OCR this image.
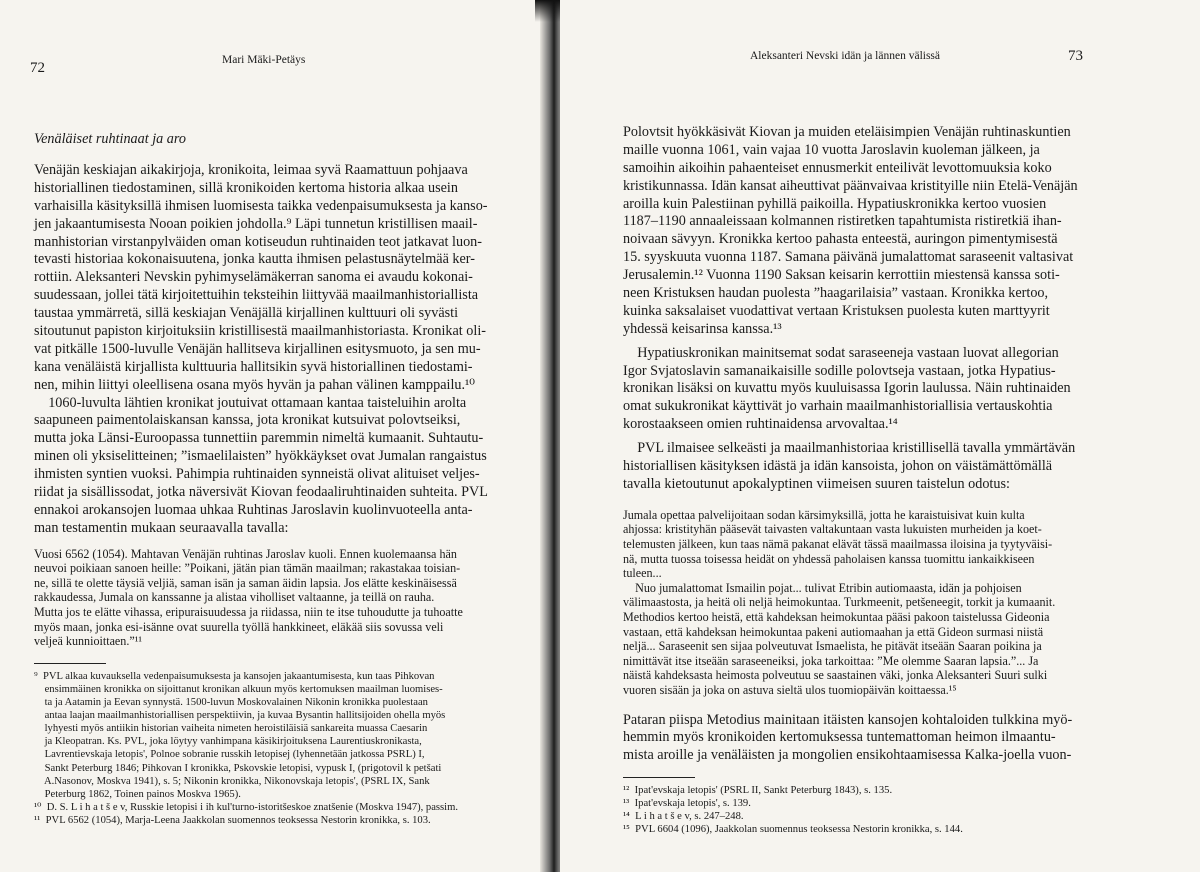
72	Mari Mäki-Petäys
Venäläiset ruhtinaat ja aro
Venäjän keskiajan aikakirjoja, kronikoita, leimaa syvä Raamattuun pohjaava
historiallinen tiedostaminen, sillä kronikoiden kertoma historia alkaa usein
varhaisilla käsityksillä ihmisen luomisesta taikka vedenpaisumuksesta ja kanso-
jen jakaantumisesta Nooan poikien johdolla.⁹ Läpi tunnetun kristillisen maail-
manhistorian virstanpylväiden oman kotiseudun ruhtinaiden teot jatkavat luon-
tevasti historiaa kokonaisuutena, jonka kautta ihmisen pelastusnäytelmää ker-
rottiin. Aleksanteri Nevskin pyhimyselämäkerran sanoma ei avaudu kokonai-
suudessaan, jollei tätä kirjoitettuihin teksteihin liittyvää maailmanhistoriallista
taustaa ymmärretä, sillä keskiajan Venäjällä kirjallinen kulttuuri oli syvästi
sitoutunut papiston kirjoituksiin kristillisestä maailmanhistoriasta. Kronikat oli-
vat pitkälle 1500-luvulle Venäjän hallitseva kirjallinen esitysmuoto, ja sen mu-
kana venäläistä kirjallista kulttuuria hallitsikin syvä historiallinen tiedostami-
nen, mihin liittyi oleellisena osana myös hyvän ja pahan välinen kamppailu.¹⁰
1060-luvulta lähtien kronikat joutuivat ottamaan kantaa taisteluihin arolta
saapuneen paimentolaiskansan kanssa, jota kronikat kutsuivat polovtseiksi,
mutta joka Länsi-Euroopassa tunnettiin paremmin nimeltä kumaanit. Suhtautu-
minen oli yksiselitteinen; ”ismaelilaisten” hyökkäykset ovat Jumalan rangaistus
ihmisten syntien vuoksi. Pahimpia ruhtinaiden synneistä olivat alituiset veljes-
riidat ja sisällissodat, jotka näversivät Kiovan feodaaliruhtinaiden suhteita. PVL
ennakoi arokansojen luomaa uhkaa Ruhtinas Jaroslavin kuolinvuoteella anta-
man testamentin mukaan seuraavalla tavalla:
Vuosi 6562 (1054). Mahtavan Venäjän ruhtinas Jaroslav kuoli. Ennen kuolemaansa hän
neuvoi poikiaan sanoen heille: ”Poikani, jätän pian tämän maailman; rakastakaa toisian-
ne, sillä te olette täysiä veljiä, saman isän ja saman äidin lapsia. Jos elätte keskinäisessä
rakkaudessa, Jumala on kanssanne ja alistaa viholliset valtaanne, ja teillä on rauha.
Mutta jos te elätte vihassa, eripuraisuudessa ja riidassa, niin te itse tuhoudutte ja tuhoatte
myös maan, jonka esi-isänne ovat suurella työllä hankkineet, eläkää siis sovussa veli
veljeä kunnioittaen.”¹¹
⁹  PVL alkaa kuvauksella vedenpaisumuksesta ja kansojen jakaantumisesta, kun taas Pihkovan
ensimmäinen kronikka on sijoittanut kronikan alkuun myös kertomuksen maailman luomises-
ta ja Aatamin ja Eevan synnystä. 1500-luvun Moskovalainen Nikonin kronikka puolestaan
antaa laajan maailmanhistoriallisen perspektiivin, ja kuvaa Bysantin hallitsijoiden ohella myös
lyhyesti myös antiikin historian vaiheita nimeten heroistiläisiä sankareita muassa Caesarin
ja Kleopatran. Ks. PVL, joka löytyy vanhimpana käsikirjoituksena Laurentiuskronikasta,
Lavrentievskaja letopis', Polnoe sobranie russkih letopisej (lyhennetään jatkossa PSRL) I,
Sankt Peterburg 1846; Pihkovan I kronikka, Pskovskie letopisi, vypusk I, (prigotovil k petšati
A.Nasonov, Moskva 1941), s. 5; Nikonin kronikka, Nikonovskaja letopis', (PSRL IX, Sank
Peterburg 1862, Toinen painos Moskva 1965).
¹⁰  D. S. L i h a t š e v, Russkie letopisi i ih kul'turno-istoritšeskoe znatšenie (Moskva 1947), passim.
¹¹  PVL 6562 (1054), Marja-Leena Jaakkolan suomennos teoksessa Nestorin kronikka, s. 103.
Aleksanteri Nevski idän ja lännen välissä	73
Polovtsit hyökkäsivät Kiovan ja muiden eteläisimpien Venäjän ruhtinaskuntien
maille vuonna 1061, vain vajaa 10 vuotta Jaroslavin kuoleman jälkeen, ja
samoihin aikoihin pahaenteiset ennusmerkit enteilivät levottomuuksia koko
kristikunnassa. Idän kansat aiheuttivat päänvaivaa kristityille niin Etelä-Venäjän
aroilla kuin Palestiinan pyhillä paikoilla. Hypatiuskronikka kertoo vuosien
1187–1190 annaaleissaan kolmannen ristiretken tapahtumista ristiretkiä ihan-
noivaan sävyyn. Kronikka kertoo pahasta enteestä, auringon pimentymisestä
15. syyskuuta vuonna 1187. Samana päivänä jumalattomat saraseenit valtasivat
Jerusalemin.¹² Vuonna 1190 Saksan keisarin kerrottiin miestensä kanssa soti-
neen Kristuksen haudan puolesta ”haagarilaisia” vastaan. Kronikka kertoo,
kuinka saksalaiset vuodattivat vertaan Kristuksen puolesta kuten marttyyrit
yhdessä keisarinsa kanssa.¹³
Hypatiuskronikan mainitsemat sodat saraseeneja vastaan luovat allegorian
Igor Svjatoslavin samanaikaisille sodille polovtseja vastaan, jotka Hypatius-
kronikan lisäksi on kuvattu myös kuuluisassa Igorin laulussa. Näin ruhtinaiden
omat sukukronikat käyttivät jo varhain maailmanhistoriallisia vertauskohtia
korostaakseen omien ruhtinaidensa arvovaltaa.¹⁴
PVL ilmaisee selkeästi ja maailmanhistoriaa kristillisellä tavalla ymmärtävän
historiallisen käsityksen idästä ja idän kansoista, johon on väistämättömällä
tavalla kietoutunut apokalyptinen viimeisen suuren taistelun odotus:
Jumala opettaa palvelijoitaan sodan kärsimyksillä, jotta he karaistuisivat kuin kulta
ahjossa: kristityhän pääsevät taivasten valtakuntaan vasta lukuisten murheiden ja koet-
telemusten jälkeen, kun taas nämä pakanat elävät tässä maailmassa iloisina ja tyytyväisi-
nä, mutta tuossa toisessa heidät on yhdessä paholaisen kanssa tuomittu iankaikkiseen
tuleen...
Nuo jumalattomat Ismailin pojat... tulivat Etribin autiomaasta, idän ja pohjoisen
välimaastosta, ja heitä oli neljä heimokuntaa. Turkmeenit, petšeneegit, torkit ja kumaanit.
Methodios kertoo heistä, että kahdeksan heimokuntaa pääsi pakoon taistelussa Gideonia
vastaan, että kahdeksan heimokuntaa pakeni autiomaahan ja että Gideon surmasi niistä
neljä... Saraseenit sen sijaa polveutuvat Ismaelista, he pitävät itseään Saaran poikina ja
nimittävät itse itseään saraseeneiksi, joka tarkoittaa: ”Me olemme Saaran lapsia.”... Ja
näistä kahdeksasta heimosta polveutuu se saastainen väki, jonka Aleksanteri Suuri sulki
vuoren sisään ja joka on astuva sieltä ulos tuomiopäivän koittaessa.¹⁵
Pataran piispa Metodius mainitaan itäisten kansojen kohtaloiden tulkkina myö-
hemmin myös kronikoiden kertomuksessa tuntemattoman heimon ilmaantu-
mista aroille ja venäläisten ja mongolien ensikohtaamisessa Kalka-joella vuon-
¹²  Ipat'evskaja letopis' (PSRL II, Sankt Peterburg 1843), s. 135.
¹³  Ipat'evskaja letopis', s. 139.
¹⁴  L i h a t š e v, s. 247–248.
¹⁵  PVL 6604 (1096), Jaakkolan suomennus teoksessa Nestorin kronikka, s. 144.
